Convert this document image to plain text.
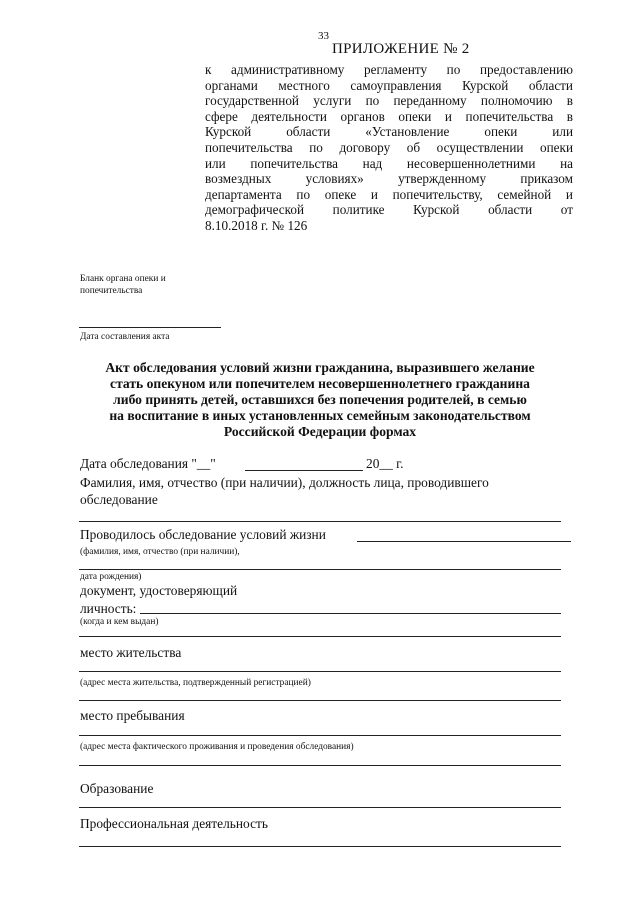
33
ПРИЛОЖЕНИЕ № 2
к административному регламенту по предоставлению
органами местного самоуправления Курской области
государственной услуги по переданному полномочию в
сфере деятельности органов опеки и попечительства в
Курской области «Установление опеки или
попечительства по договору об осуществлении опеки
или попечительства над несовершеннолетними на
возмездных условиях» утвержденному приказом
департамента по опеке и попечительству, семейной и
демографической политике Курской области от
8.10.2018 г. № 126
Бланк органа опеки и попечительства
Дата составления акта
Акт обследования условий жизни гражданина, выразившего желание
стать опекуном или попечителем несовершеннолетнего гражданина
либо принять детей, оставшихся без попечения родителей, в семью
на воспитание в иных установленных семейным законодательством
Российской Федерации формах
Дата обследования "__"	20__ г.
Фамилия, имя, отчество (при наличии), должность лица, проводившего обследование
Проводилось обследование условий жизни
(фамилия, имя, отчество (при наличии),
дата рождения)
документ, удостоверяющий
личность:
(когда и кем выдан)
место жительства
(адрес места жительства, подтвержденный регистрацией)
место пребывания
(адрес места фактического проживания и проведения обследования)
Образование
Профессиональная деятельность
